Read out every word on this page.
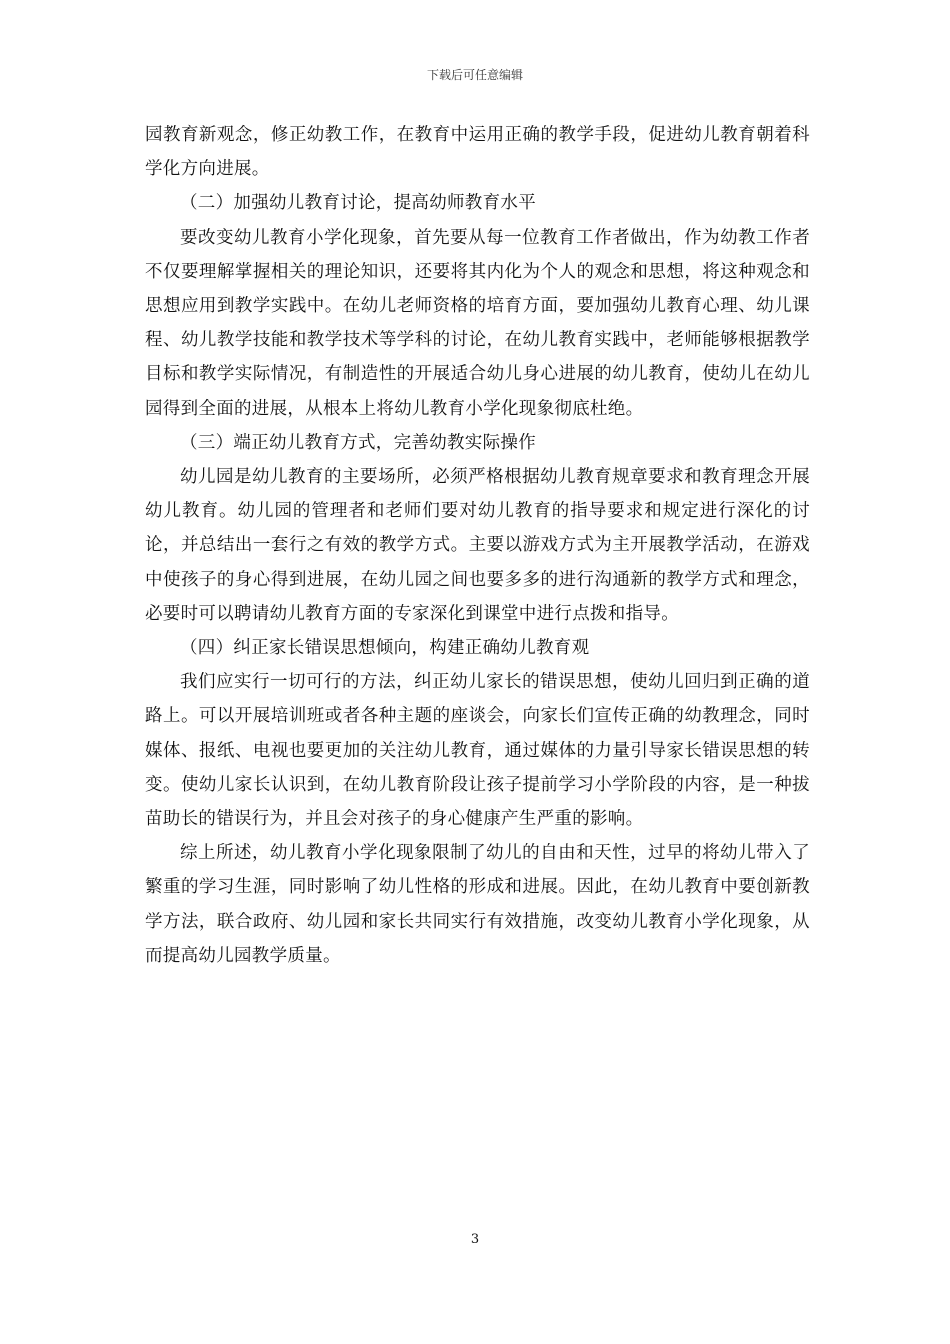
下载后可任意编辑

园教育新观念，修正幼教工作，在教育中运用正确的教学手段，促进幼儿教育朝着科学化方向进展。

（二）加强幼儿教育讨论，提高幼师教育水平

要改变幼儿教育小学化现象，首先要从每一位教育工作者做出，作为幼教工作者不仅要理解掌握相关的理论知识，还要将其内化为个人的观念和思想，将这种观念和思想应用到教学实践中。在幼儿老师资格的培育方面，要加强幼儿教育心理、幼儿课程、幼儿教学技能和教学技术等学科的讨论，在幼儿教育实践中，老师能够根据教学目标和教学实际情况，有制造性的开展适合幼儿身心进展的幼儿教育，使幼儿在幼儿园得到全面的进展，从根本上将幼儿教育小学化现象彻底杜绝。

（三）端正幼儿教育方式，完善幼教实际操作

幼儿园是幼儿教育的主要场所，必须严格根据幼儿教育规章要求和教育理念开展幼儿教育。幼儿园的管理者和老师们要对幼儿教育的指导要求和规定进行深化的讨论，并总结出一套行之有效的教学方式。主要以游戏方式为主开展教学活动，在游戏中使孩子的身心得到进展，在幼儿园之间也要多多的进行沟通新的教学方式和理念，必要时可以聘请幼儿教育方面的专家深化到课堂中进行点拨和指导。

（四）纠正家长错误思想倾向，构建正确幼儿教育观

我们应实行一切可行的方法，纠正幼儿家长的错误思想，使幼儿回归到正确的道路上。可以开展培训班或者各种主题的座谈会，向家长们宣传正确的幼教理念，同时媒体、报纸、电视也要更加的关注幼儿教育，通过媒体的力量引导家长错误思想的转变。使幼儿家长认识到，在幼儿教育阶段让孩子提前学习小学阶段的内容，是一种拔苗助长的错误行为，并且会对孩子的身心健康产生严重的影响。

综上所述，幼儿教育小学化现象限制了幼儿的自由和天性，过早的将幼儿带入了繁重的学习生涯，同时影响了幼儿性格的形成和进展。因此，在幼儿教育中要创新教学方法，联合政府、幼儿园和家长共同实行有效措施，改变幼儿教育小学化现象，从而提高幼儿园教学质量。

3
